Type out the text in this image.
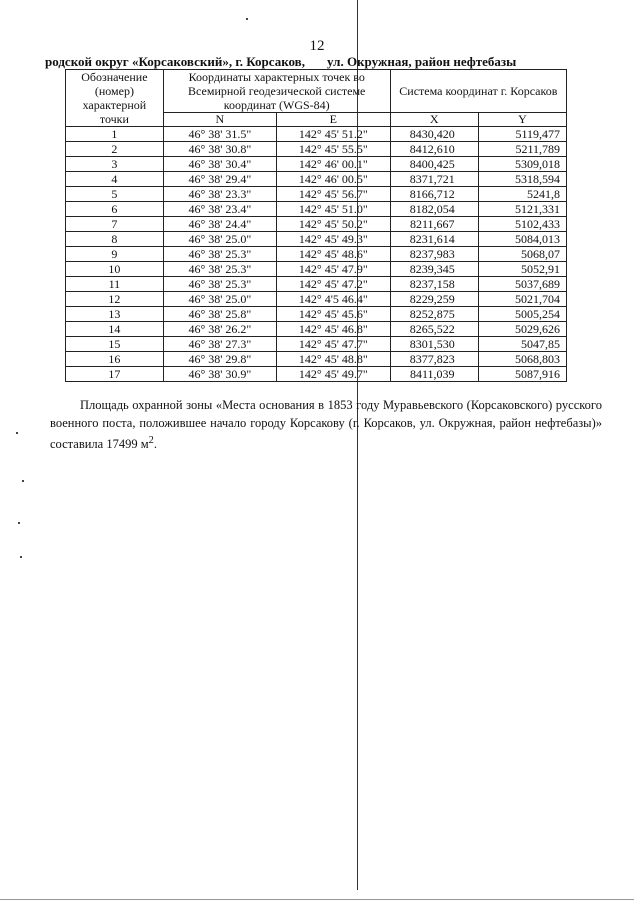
12
родской округ «Корсаковский», г. Корсаков, ул. Окружная, район нефтебазы
Обозначение (номер) характерной точки	Координаты характерных точек во Всемирной геодезической системе координат (WGS-84)		Система координат г. Корсаков	
	N	E	X	Y
1	46° 38' 31.5"	142° 45' 51.2"	8430,420	5119,477
2	46° 38' 30.8"	142° 45' 55.5"	8412,610	5211,789
3	46° 38' 30.4"	142° 46' 00.1"	8400,425	5309,018
4	46° 38' 29.4"	142° 46' 00.5"	8371,721	5318,594
5	46° 38' 23.3"	142° 45' 56.7"	8166,712	5241,8
6	46° 38' 23.4"	142° 45' 51.0"	8182,054	5121,331
7	46° 38' 24.4"	142° 45' 50.2"	8211,667	5102,433
8	46° 38' 25.0"	142° 45' 49.3"	8231,614	5084,013
9	46° 38' 25.3"	142° 45' 48.6"	8237,983	5068,07
10	46° 38' 25.3"	142° 45' 47.9"	8239,345	5052,91
11	46° 38' 25.3"	142° 45' 47.2"	8237,158	5037,689
12	46° 38' 25.0"	142° 4'5 46.4"	8229,259	5021,704
13	46° 38' 25.8"	142° 45' 45.6"	8252,875	5005,254
14	46° 38' 26.2"	142° 45' 46.8"	8265,522	5029,626
15	46° 38' 27.3"	142° 45' 47.7"	8301,530	5047,85
16	46° 38' 29.8"	142° 45' 48.8"	8377,823	5068,803
17	46° 38' 30.9"	142° 45' 49.7"	8411,039	5087,916
Площадь охранной зоны «Места основания в 1853 году Муравьевского (Корсаковского) русского военного поста, положившее начало городу Корсакову (г. Корсаков, ул. Окружная, район нефтебазы)» составила 17499 $м^2$.
